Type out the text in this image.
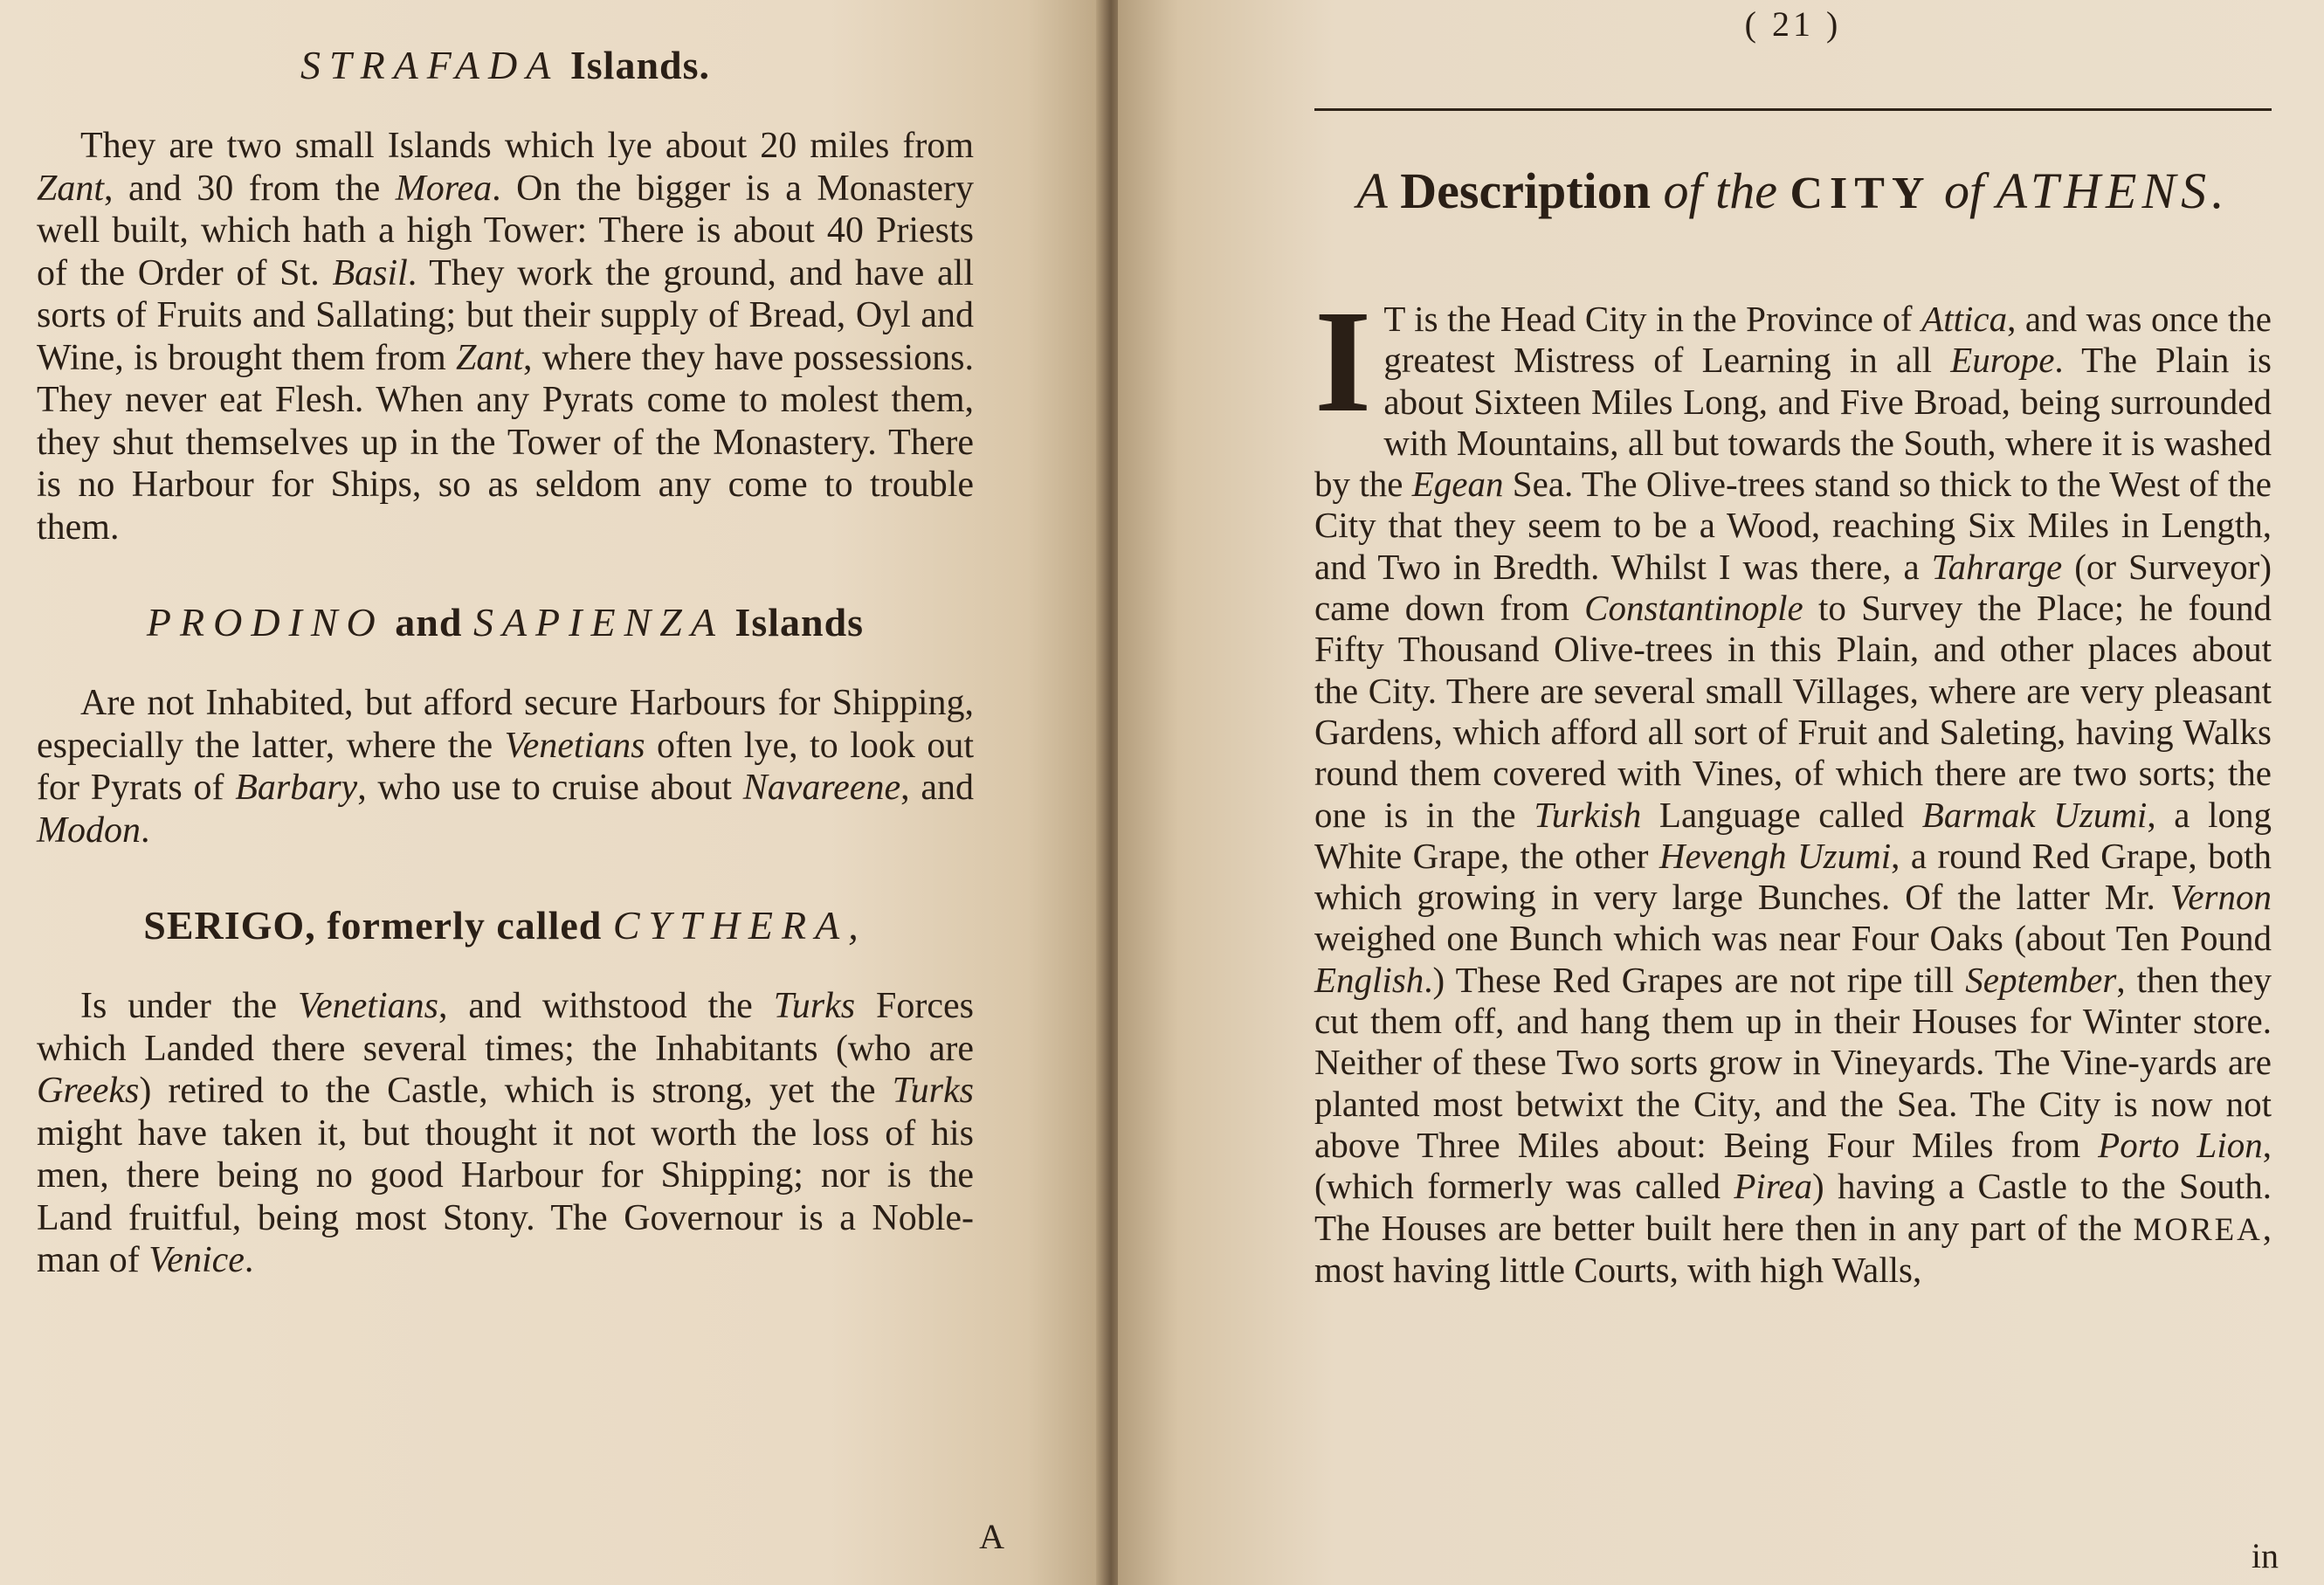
STRAFADA Islands.

They are two small Islands which lye about 20 miles from Zant, and 30 from the Morea. On the bigger is a Monastery well built, which hath a high Tower: There is about 40 Priests of the Order of St. Basil. They work the ground, and have all sorts of Fruits and Sallating; but their supply of Bread, Oyl and Wine, is brought them from Zant, where they have possessions. They never eat Flesh. When any Pyrats come to molest them, they shut themselves up in the Tower of the Monastery. There is no Harbour for Ships, so as seldom any come to trouble them.

PRODINO and SAPIENZA Islands

Are not Inhabited, but afford secure Harbours for Shipping, especially the latter, where the Venetians often lye, to look out for Pyrats of Barbary, who use to cruise about Navareene, and Modon.

SERIGO, formerly called CYTHERA,

Is under the Venetians, and withstood the Turks Forces which Landed there several times; the Inhabitants (who are Greeks) retired to the Castle, which is strong, yet the Turks might have taken it, but thought it not worth the loss of his men, there being no good Harbour for Shipping; nor is the Land fruitful, being most Stony. The Governour is a Noble-man of Venice.

A
( 21 )
A Description of the CITY of ATHENS.
I T is the Head City in the Province of Attica, and was once the greatest Mistress of Learning in all Europe. The Plain is about Sixteen Miles Long, and Five Broad, being surrounded with Mountains, all but towards the South, where it is washed by the Egean Sea. The Olive-trees stand so thick to the West of the City that they seem to be a Wood, reaching Six Miles in Length, and Two in Bredth. Whilst I was there, a Tahrarge (or Surveyor) came down from Constantinople to Survey the Place; he found Fifty Thousand Olive-trees in this Plain, and other places about the City. There are several small Villages, where are very pleasant Gardens, which afford all sort of Fruit and Saleting, having Walks round them covered with Vines, of which there are two sorts; the one is in the Turkish Language called Barmak Uzumi, a long White Grape, the other Hevengh Uzumi, a round Red Grape, both which growing in very large Bunches. Of the latter Mr. Vernon weighed one Bunch which was near Four Oaks (about Ten Pound English.) These Red Grapes are not ripe till September, then they cut them off, and hang them up in their Houses for Winter store. Neither of these Two sorts grow in Vineyards. The Vine-yards are planted most betwixt the City, and the Sea. The City is now not above Three Miles about: Being Four Miles from Porto Lion, (which formerly was called Pirea) having a Castle to the South. The Houses are better built here then in any part of the MOREA, most having little Courts, with high Walls,

in
